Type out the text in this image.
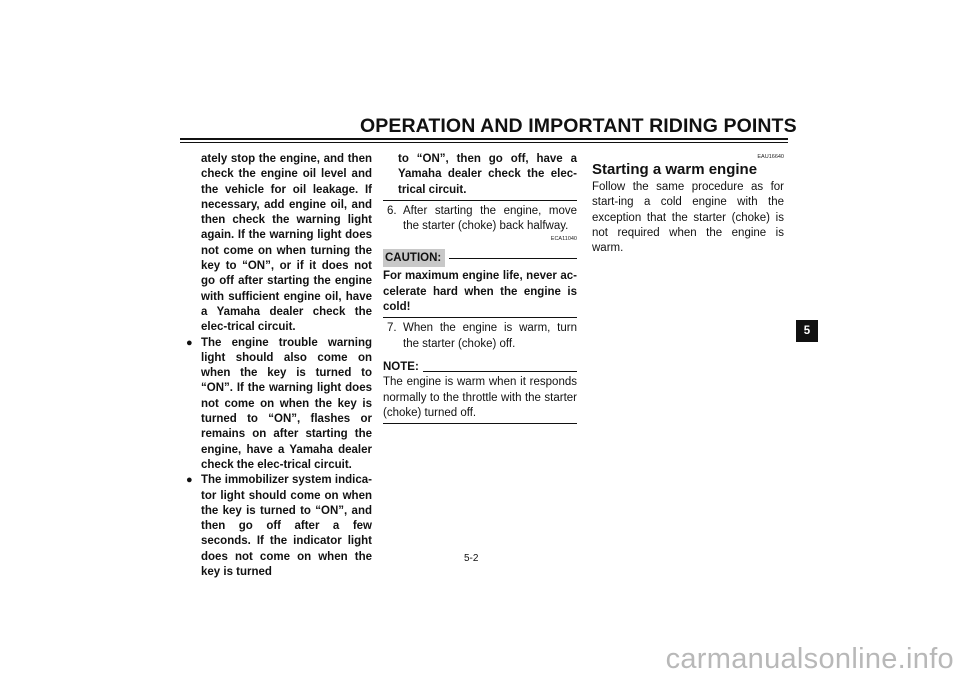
OPERATION AND IMPORTANT RIDING POINTS
ately stop the engine, and then check the engine oil level and the vehicle for oil leakage. If necessary, add engine oil, and then check the warning light again. If the warning light does not come on when turning the key to “ON”, or if it does not go off after starting the engine with sufficient engine oil, have a Yamaha dealer check the elec-trical circuit.
● The engine trouble warning light should also come on when the key is turned to “ON”. If the warning light does not come on when the key is turned to “ON”, flashes or remains on after starting the engine, have a Yamaha dealer check the elec-trical circuit.
● The immobilizer system indica-tor light should come on when the key is turned to “ON”, and then go off after a few seconds. If the indicator light does not come on when the key is turned
to “ON”, then go off, have a Yamaha dealer check the elec-trical circuit.
6. After starting the engine, move the starter (choke) back halfway.
ECA11040
CAUTION:
For maximum engine life, never ac-celerate hard when the engine is cold!
7. When the engine is warm, turn the starter (choke) off.
NOTE:
The engine is warm when it responds normally to the throttle with the starter (choke) turned off.
EAU16640
Starting a warm engine
Follow the same procedure as for start-ing a cold engine with the exception that the starter (choke) is not required when the engine is warm.
5
5-2
carmanualsonline.info
